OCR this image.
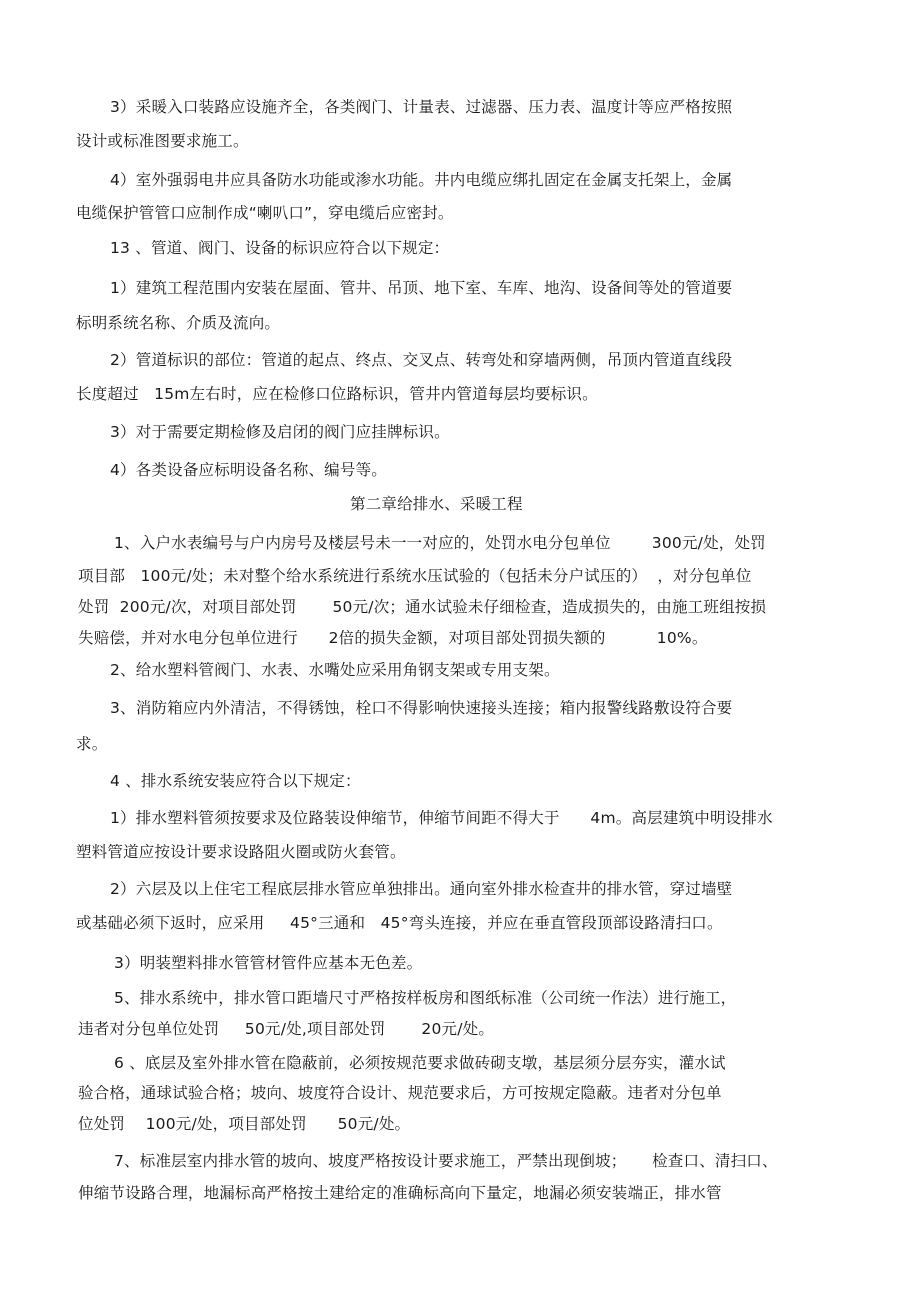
3）采暖入口装路应设施齐全，各类阀门、计量表、过滤器、压力表、温度计等应严格按照
设计或标准图要求施工。
4）室外强弱电井应具备防水功能或渗水功能。井内电缆应绑扎固定在金属支托架上，金属
电缆保护管管口应制作成“喇叭口”，穿电缆后应密封。
13 、管道、阀门、设备的标识应符合以下规定：
1）建筑工程范围内安装在屋面、管井、吊顶、地下室、车库、地沟、设备间等处的管道要
标明系统名称、介质及流向。
2）管道标识的部位：管道的起点、终点、交叉点、转弯处和穿墙两侧，吊顶内管道直线段
长度超过   15m左右时，应在检修口位路标识，管井内管道每层均要标识。
3）对于需要定期检修及启闭的阀门应挂牌标识。
4）各类设备应标明设备名称、编号等。
第二章给排水、采暖工程
1、入户水表编号与户内房号及楼层号未一一对应的，处罚水电分包单位        300元/处，处罚
项目部   100元/处；未对整个给水系统进行系统水压试验的（包括未分户试压的）  ，对分包单位
处罚  200元/次，对项目部处罚       50元/次；通水试验未仔细检查，造成损失的，由施工班组按损
失赔偿，并对水电分包单位进行      2倍的损失金额，对项目部处罚损失额的          10%。
2、给水塑料管阀门、水表、水嘴处应采用角钢支架或专用支架。
3、消防箱应内外清洁，不得锈蚀，栓口不得影响快速接头连接；箱内报警线路敷设符合要
求。
4 、排水系统安装应符合以下规定：
1）排水塑料管须按要求及位路装设伸缩节，伸缩节间距不得大于      4m。高层建筑中明设排水
塑料管道应按设计要求设路阻火圈或防火套管。
2）六层及以上住宅工程底层排水管应单独排出。通向室外排水检查井的排水管，穿过墙壁
或基础必须下返时，应采用     45°三通和   45°弯头连接，并应在垂直管段顶部设路清扫口。
3）明装塑料排水管管材管件应基本无色差。
5、排水系统中，排水管口距墙尺寸严格按样板房和图纸标准（公司统一作法）进行施工，
违者对分包单位处罚     50元/处,项目部处罚       20元/处。
6 、底层及室外排水管在隐蔽前，必须按规范要求做砖砌支墩，基层须分层夯实，灌水试
验合格，通球试验合格；坡向、坡度符合设计、规范要求后，方可按规定隐蔽。违者对分包单
位处罚    100元/处，项目部处罚      50元/处。
7、标准层室内排水管的坡向、坡度严格按设计要求施工，严禁出现倒坡；     检查口、清扫口、
伸缩节设路合理，地漏标高严格按土建给定的准确标高向下量定，地漏必须安装端正，排水管
